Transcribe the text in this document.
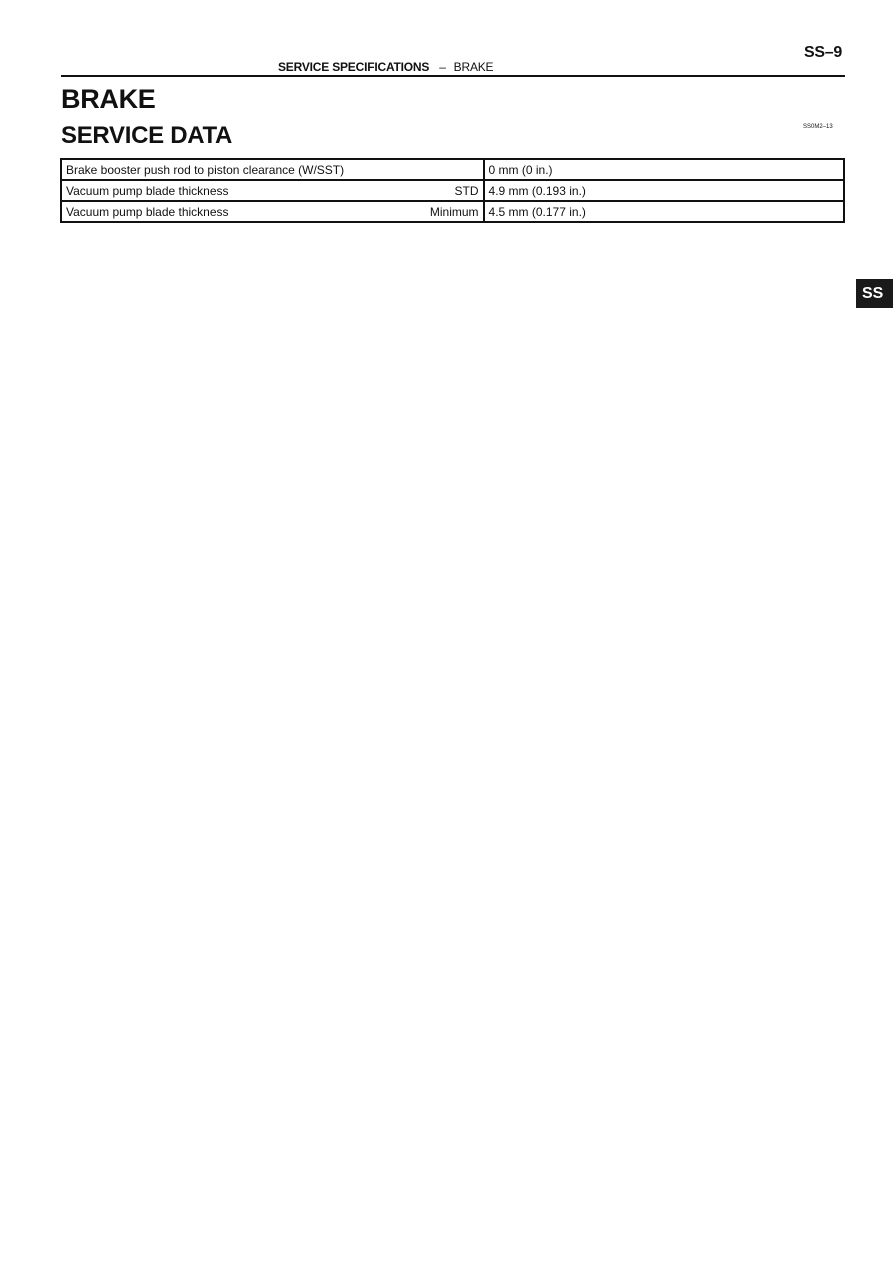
SERVICE SPECIFICATIONS – BRAKE
SS–9
BRAKE
SERVICE DATA	SS0M2–13
Brake booster push rod to piston clearance (W/SST)	0 mm (0 in.)

Vacuum pump blade thickness STD	4.9 mm (0.193 in.)

Vacuum pump blade thickness Minimum	4.5 mm (0.177 in.)
SS
